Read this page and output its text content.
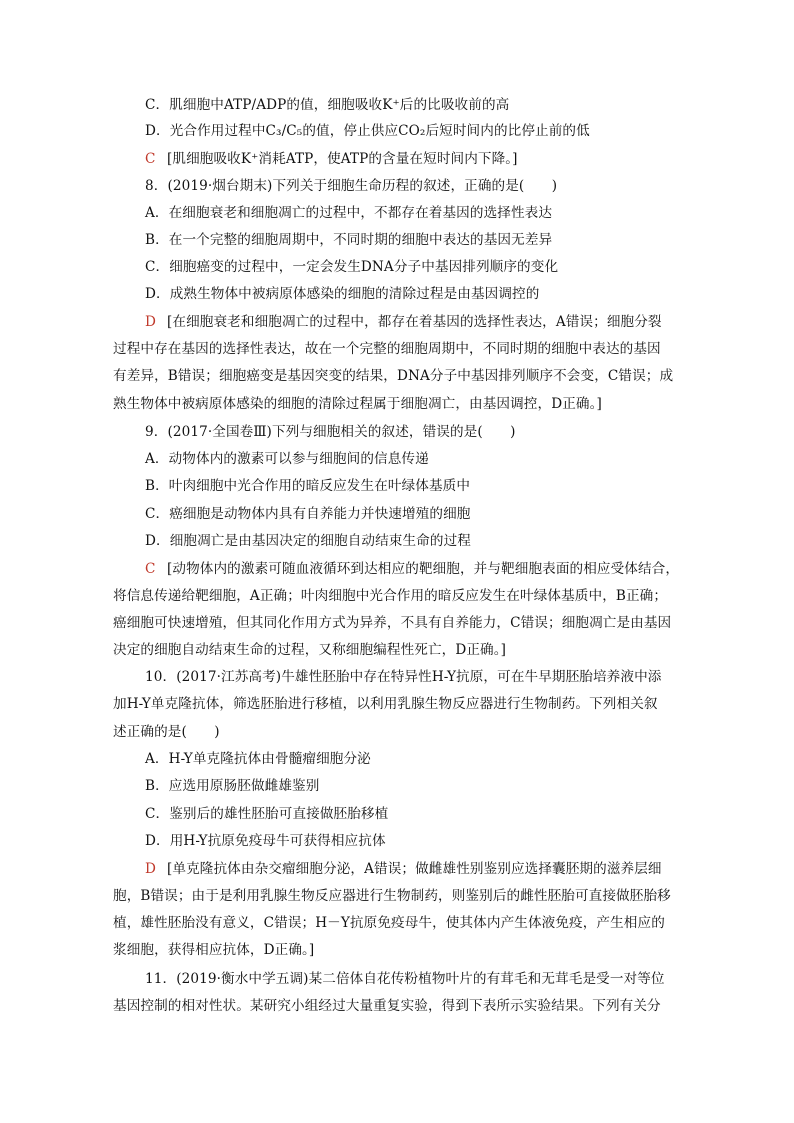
C．肌细胞中ATP/ADP的值，细胞吸收K⁺后的比吸收前的高
D．光合作用过程中C₃/C₅的值，停止供应CO₂后短时间内的比停止前的低
C [肌细胞吸收K⁺消耗ATP，使ATP的含量在短时间内下降。]
8．(2019·烟台期末)下列关于细胞生命历程的叙述，正确的是(　　)
A．在细胞衰老和细胞凋亡的过程中，不都存在着基因的选择性表达
B．在一个完整的细胞周期中，不同时期的细胞中表达的基因无差异
C．细胞癌变的过程中，一定会发生DNA分子中基因排列顺序的变化
D．成熟生物体中被病原体感染的细胞的清除过程是由基因调控的
D [在细胞衰老和细胞凋亡的过程中，都存在着基因的选择性表达，A错误；细胞分裂
过程中存在基因的选择性表达，故在一个完整的细胞周期中，不同时期的细胞中表达的基因
有差异，B错误；细胞癌变是基因突变的结果，DNA分子中基因排列顺序不会变，C错误；成
熟生物体中被病原体感染的细胞的清除过程属于细胞凋亡，由基因调控，D正确。]
9．(2017·全国卷Ⅲ)下列与细胞相关的叙述，错误的是(　　)
A．动物体内的激素可以参与细胞间的信息传递
B．叶肉细胞中光合作用的暗反应发生在叶绿体基质中
C．癌细胞是动物体内具有自养能力并快速增殖的细胞
D．细胞凋亡是由基因决定的细胞自动结束生命的过程
C [动物体内的激素可随血液循环到达相应的靶细胞，并与靶细胞表面的相应受体结合，
将信息传递给靶细胞，A正确；叶肉细胞中光合作用的暗反应发生在叶绿体基质中，B正确；
癌细胞可快速增殖，但其同化作用方式为异养，不具有自养能力，C错误；细胞凋亡是由基因
决定的细胞自动结束生命的过程，又称细胞编程性死亡，D正确。]
10．(2017·江苏高考)牛雄性胚胎中存在特异性H-Y抗原，可在牛早期胚胎培养液中添
加H-Y单克隆抗体，筛选胚胎进行移植，以利用乳腺生物反应器进行生物制药。下列相关叙
述正确的是(　　)
A．H-Y单克隆抗体由骨髓瘤细胞分泌
B．应选用原肠胚做雌雄鉴别
C．鉴别后的雄性胚胎可直接做胚胎移植
D．用H-Y抗原免疫母牛可获得相应抗体
D [单克隆抗体由杂交瘤细胞分泌，A错误；做雌雄性别鉴别应选择囊胚期的滋养层细
胞，B错误；由于是利用乳腺生物反应器进行生物制药，则鉴别后的雌性胚胎可直接做胚胎移
植，雄性胚胎没有意义，C错误；H－Y抗原免疫母牛，使其体内产生体液免疫，产生相应的
浆细胞，获得相应抗体，D正确。]
11．(2019·衡水中学五调)某二倍体自花传粉植物叶片的有茸毛和无茸毛是受一对等位
基因控制的相对性状。某研究小组经过大量重复实验，得到下表所示实验结果。下列有关分
